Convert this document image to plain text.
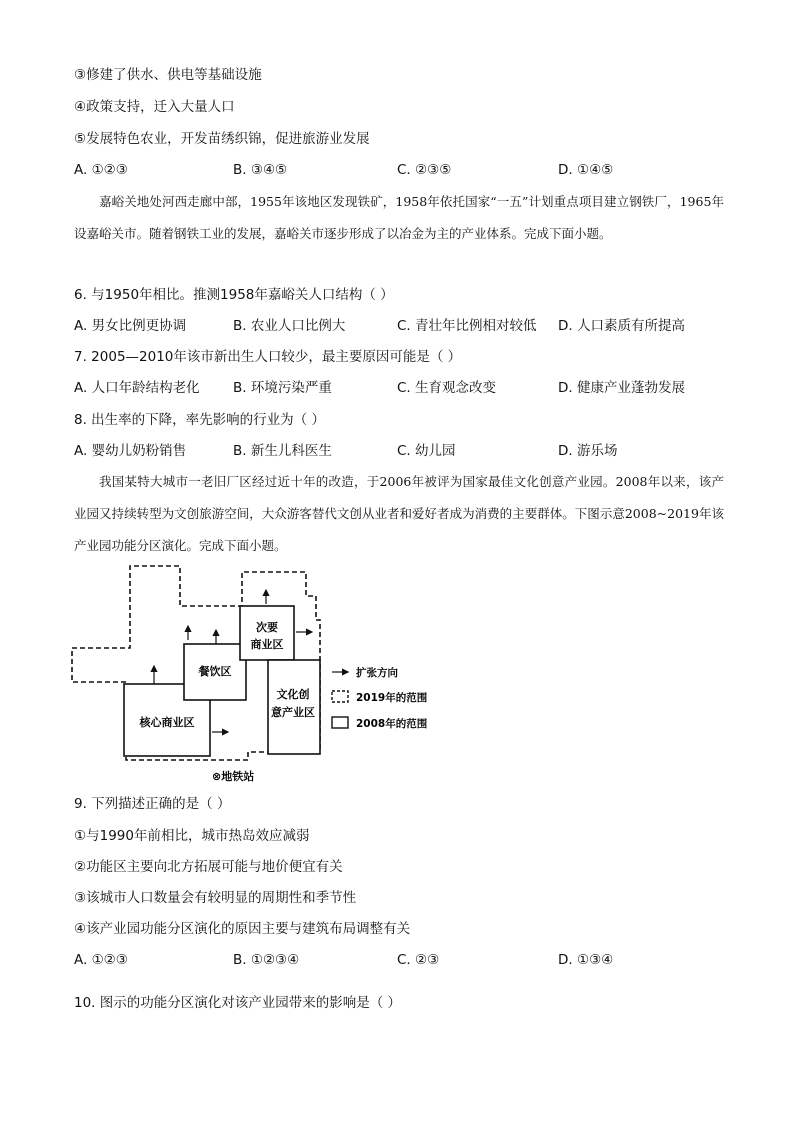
③修建了供水、供电等基础设施
④政策支持，迁入大量人口
⑤发展特色农业，开发苗绣织锦，促进旅游业发展
A. ①②③	B. ③④⑤	C. ②③⑤	D. ①④⑤

嘉峪关地处河西走廊中部，1955年该地区发现铁矿，1958年依托国家“一五”计划重点项目建立钢铁厂，1965年设嘉峪关市。随着钢铁工业的发展，嘉峪关市逐步形成了以冶金为主的产业体系。完成下面小题。

6. 与1950年相比。推测1958年嘉峪关人口结构（ ）
A. 男女比例更协调	B. 农业人口比例大	C. 青壮年比例相对较低 D. 人口素质有所提高
7. 2005—2010年该市新出生人口较少，最主要原因可能是（ ）
A. 人口年龄结构老化 B. 环境污染严重	C. 生育观念改变	D. 健康产业蓬勃发展
8. 出生率的下降，率先影响的行业为（ ）
A. 婴幼儿奶粉销售	B. 新生儿科医生	C. 幼儿园	D. 游乐场

我国某特大城市一老旧厂区经过近十年的改造，于2006年被评为国家最佳文化创意产业园。2008年以来，该产业园又持续转型为文创旅游空间，大众游客替代文创从业者和爱好者成为消费的主要群体。下图示意2008~2019年该产业园功能分区演化。完成下面小题。

核心商业区
餐饮区
次要
商业区
文化创
意产业区
扩张方向
2019年的范围
2008年的范围
⊗地铁站
9. 下列描述正确的是（ ）
①与1990年前相比，城市热岛效应减弱
②功能区主要向北方拓展可能与地价便宜有关
③该城市人口数量会有较明显的周期性和季节性
④该产业园功能分区演化的原因主要与建筑布局调整有关
A. ①②③	B. ①②③④	C. ②③	D. ①③④
10. 图示的功能分区演化对该产业园带来的影响是（ ）
